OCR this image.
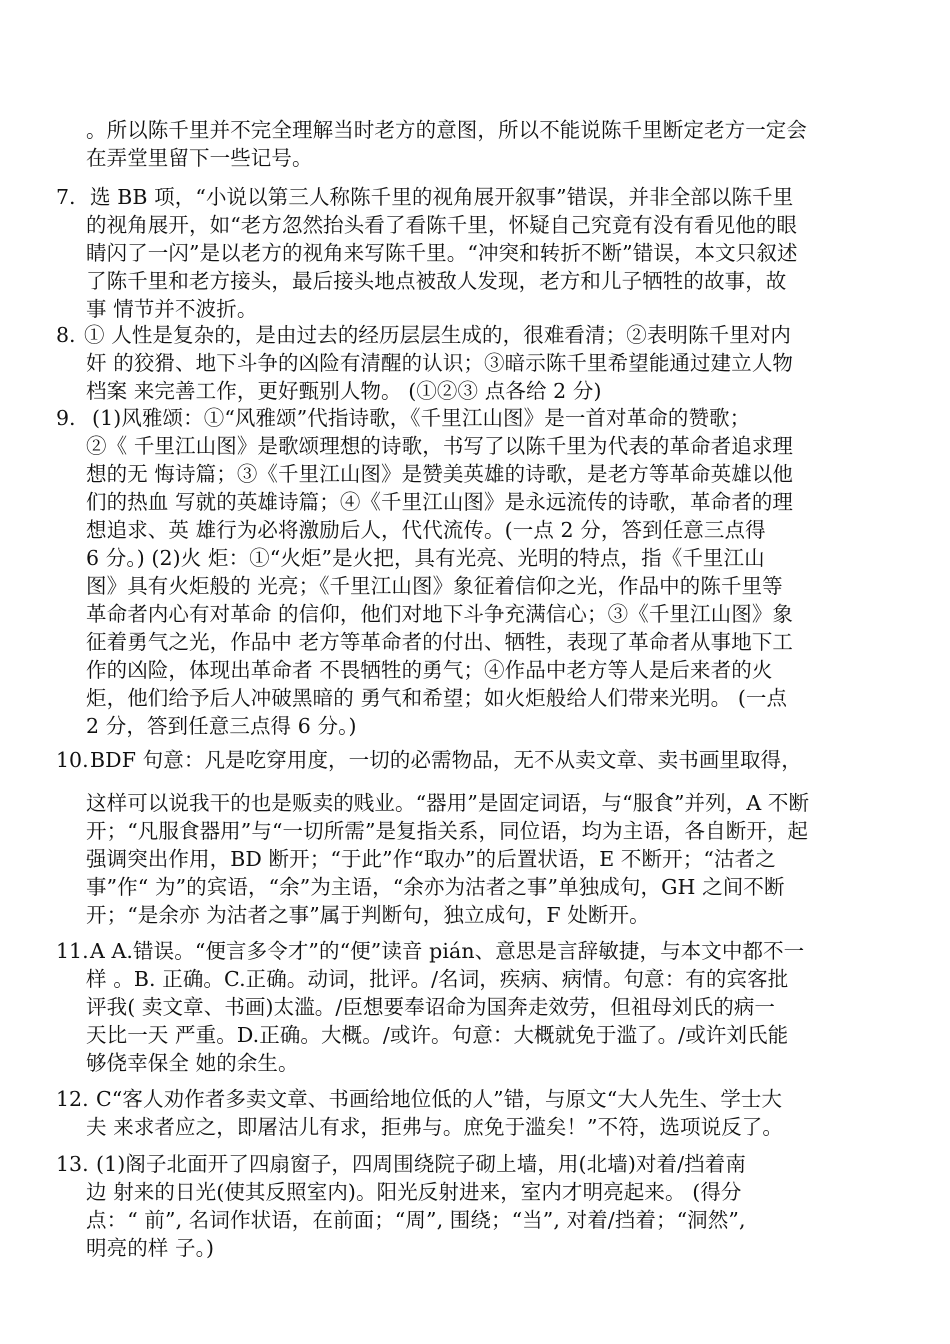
。所以陈千里并不完全理解当时老方的意图，所以不能说陈千里断定老方一定会
在弄堂里留下一些记号。
7. 选 BB 项，“小说以第三人称陈千里的视角展开叙事”错误，并非全部以陈千里
的视角展开，如“老方忽然抬头看了看陈千里，怀疑自己究竟有没有看见他的眼
睛闪了一闪”是以老方的视角来写陈千里。“冲突和转折不断”错误，本文只叙述
了陈千里和老方接头，最后接头地点被敌人发现，老方和儿子牺牲的故事，故
事 情节并不波折。
8. ① 人性是复杂的，是由过去的经历层层生成的，很难看清；②表明陈千里对内
奸 的狡猾、地下斗争的凶险有清醒的认识；③暗示陈千里希望能通过建立人物
档案 来完善工作，更好甄别人物。 (①②③ 点各给 2 分)
9. (1)风雅颂：①“风雅颂”代指诗歌，《千里江山图》是一首对革命的赞歌；
②《 千里江山图》是歌颂理想的诗歌，书写了以陈千里为代表的革命者追求理
想的无 悔诗篇；③《千里江山图》是赞美英雄的诗歌，是老方等革命英雄以他
们的热血 写就的英雄诗篇；④《千里江山图》是永远流传的诗歌，革命者的理
想追求、英 雄行为必将激励后人，代代流传。(一点 2 分，答到任意三点得
6 分。) (2)火 炬：①“火炬”是火把，具有光亮、光明的特点，指《千里江山
图》具有火炬般的 光亮；《千里江山图》象征着信仰之光，作品中的陈千里等
革命者内心有对革命 的信仰，他们对地下斗争充满信心；③《千里江山图》象
征着勇气之光，作品中 老方等革命者的付出、牺牲，表现了革命者从事地下工
作的凶险，体现出革命者 不畏牺牲的勇气；④作品中老方等人是后来者的火
炬，他们给予后人冲破黑暗的 勇气和希望；如火炬般给人们带来光明。 (一点
2 分，答到任意三点得 6 分。)
10. BDF 句意：凡是吃穿用度，一切的必需物品，无不从卖文章、卖书画里取得，
这样可以说我干的也是贩卖的贱业。“器用”是固定词语，与“服食”并列，A 不断
开；“凡服食器用”与“一切所需”是复指关系，同位语，均为主语，各自断开，起
强调突出作用，BD 断开；“于此”作“取办”的后置状语，E 不断开；“沽者之
事”作“ 为”的宾语，“余”为主语，“余亦为沽者之事”单独成句，GH 之间不断
开；“是余亦 为沽者之事”属于判断句，独立成句，F 处断开。
11. A A.错误。“便言多令才”的“便”读音 pián、意思是言辞敏捷，与本文中都不一
样 。B. 正确。C.正确。动词，批评。/名词，疾病、病情。句意：有的宾客批
评我( 卖文章、书画)太滥。/臣想要奉诏命为国奔走效劳，但祖母刘氏的病一
天比一天 严重。D.正确。大概。/或许。句意：大概就免于滥了。/或许刘氏能
够侥幸保全 她的余生。
12. C“客人劝作者多卖文章、书画给地位低的人”错，与原文“大人先生、学士大
夫 来求者应之，即屠沽儿有求，拒弗与。庶免于滥矣！”不符，选项说反了。
13. (1)阁子北面开了四扇窗子，四周围绕院子砌上墙，用(北墙)对着/挡着南
边 射来的日光(使其反照室内)。阳光反射进来，室内才明亮起来。 (得分
点：“ 前”, 名词作状语，在前面；“周”, 围绕；“当”, 对着/挡着；“洞然”,
明亮的样 子。)
